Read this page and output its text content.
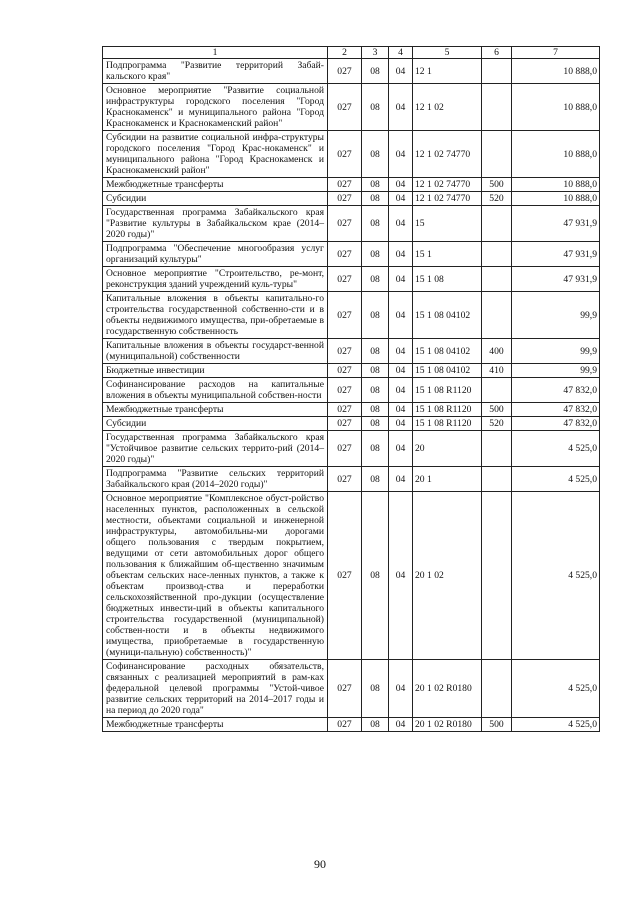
1	2	3	4	5	6	7
Подпрограмма "Развитие территорий Забай-кальского края"	027	08	04	12 1		10 888,0
Основное мероприятие "Развитие социальной инфраструктуры городского поселения "Город Краснокаменск" и муниципального района "Город Краснокаменск и Краснокаменский район"	027	08	04	12 1 02		10 888,0
Субсидии на развитие социальной инфра-структуры городского поселения "Город Крас-нокаменск" и муниципального района "Город Краснокаменск и Краснокаменский район"	027	08	04	12 1 02 74770		10 888,0
Межбюджетные трансферты	027	08	04	12 1 02 74770	500	10 888,0
Субсидии	027	08	04	12 1 02 74770	520	10 888,0
Государственная программа Забайкальского края "Развитие культуры в Забайкальском крае (2014–2020 годы)"	027	08	04	15		47 931,9
Подпрограмма "Обеспечение многообразия услуг организаций культуры"	027	08	04	15 1		47 931,9
Основное мероприятие "Строительство, ре-монт, реконструкция зданий учреждений куль-туры"	027	08	04	15 1 08		47 931,9
Капитальные вложения в объекты капитально-го строительства государственной собственно-сти и в объекты недвижимого имущества, при-обретаемые в государственную собственность	027	08	04	15 1 08 04102		99,9
Капитальные вложения в объекты государст-венной (муниципальной) собственности	027	08	04	15 1 08 04102	400	99,9
Бюджетные инвестиции	027	08	04	15 1 08 04102	410	99,9
Софинансирование расходов на капитальные вложения в объекты муниципальной собствен-ности	027	08	04	15 1 08 R1120		47 832,0
Межбюджетные трансферты	027	08	04	15 1 08 R1120	500	47 832,0
Субсидии	027	08	04	15 1 08 R1120	520	47 832,0
Государственная программа Забайкальского края "Устойчивое развитие сельских террито-рий (2014–2020 годы)"	027	08	04	20		4 525,0
Подпрограмма "Развитие сельских территорий Забайкальского края (2014–2020 годы)"	027	08	04	20 1		4 525,0
Основное мероприятие "Комплексное обуст-ройство населенных пунктов, расположенных в сельской местности, объектами социальной и инженерной инфраструктуры, автомобильны-ми дорогами общего пользования с твердым покрытием, ведущими от сети автомобильных дорог общего пользования к ближайшим об-щественно значимым объектам сельских насе-ленных пунктов, а также к объектам производ-ства и переработки сельскохозяйственной про-дукции (осуществление бюджетных инвести-ций в объекты капитального строительства государственной (муниципальной) собствен-ности и в объекты недвижимого имущества, приобретаемые в государственную (муници-пальную) собственность)"	027	08	04	20 1 02		4 525,0
Софинансирование расходных обязательств, связанных с реализацией мероприятий в рам-ках федеральной целевой программы "Устой-чивое развитие сельских территорий на 2014–2017 годы и на период до 2020 года"	027	08	04	20 1 02 R0180		4 525,0
Межбюджетные трансферты	027	08	04	20 1 02 R0180	500	4 525,0
90
